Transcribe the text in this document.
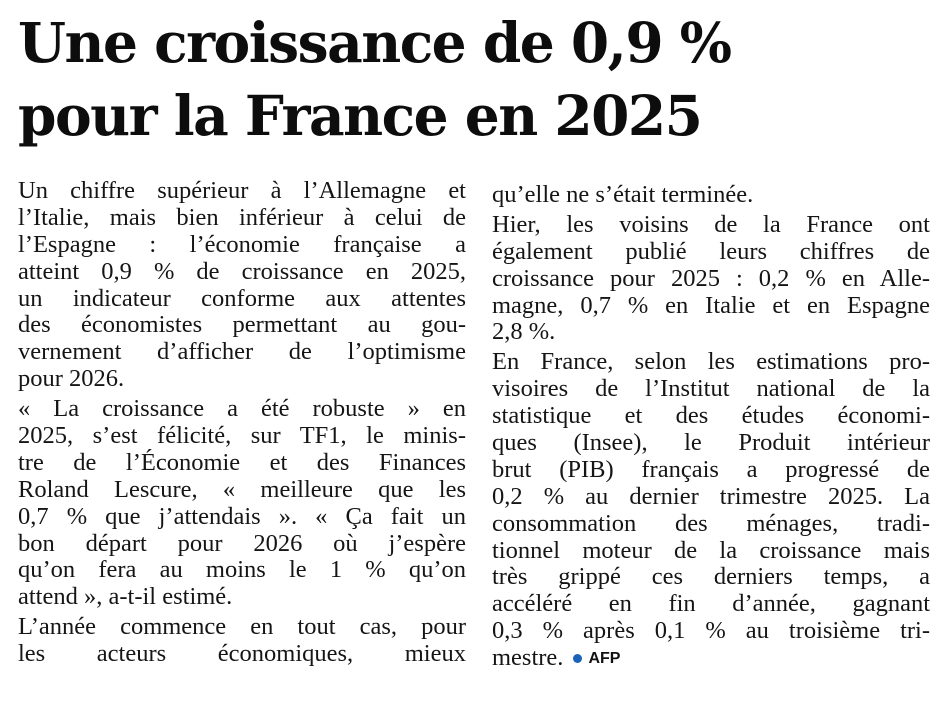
Une croissance de 0,9 %
pour la France en 2025
Un chiffre supérieur à l’Allemagne et
l’Italie, mais bien inférieur à celui de
l’Espagne : l’économie française a
atteint 0,9 % de croissance en 2025,
un indicateur conforme aux attentes
des économistes permettant au gou-
vernement d’afficher de l’optimisme
pour 2026.
« La croissance a été robuste » en
2025, s’est félicité, sur TF1, le minis-
tre de l’Économie et des Finances
Roland Lescure, « meilleure que les
0,7 % que j’attendais ». « Ça fait un
bon départ pour 2026 où j’espère
qu’on fera au moins le 1 % qu’on
attend », a-t-il estimé.
L’année commence en tout cas, pour
les acteurs économiques, mieux
qu’elle ne s’était terminée.
Hier, les voisins de la France ont
également publié leurs chiffres de
croissance pour 2025 : 0,2 % en Alle-
magne, 0,7 % en Italie et en Espagne
2,8 %.
En France, selon les estimations pro-
visoires de l’Institut national de la
statistique et des études économi-
ques (Insee), le Produit intérieur
brut (PIB) français a progressé de
0,2 % au dernier trimestre 2025. La
consommation des ménages, tradi-
tionnel moteur de la croissance mais
très grippé ces derniers temps, a
accéléré en fin d’année, gagnant
0,3 % après 0,1 % au troisième tri-
mestre. AFP
